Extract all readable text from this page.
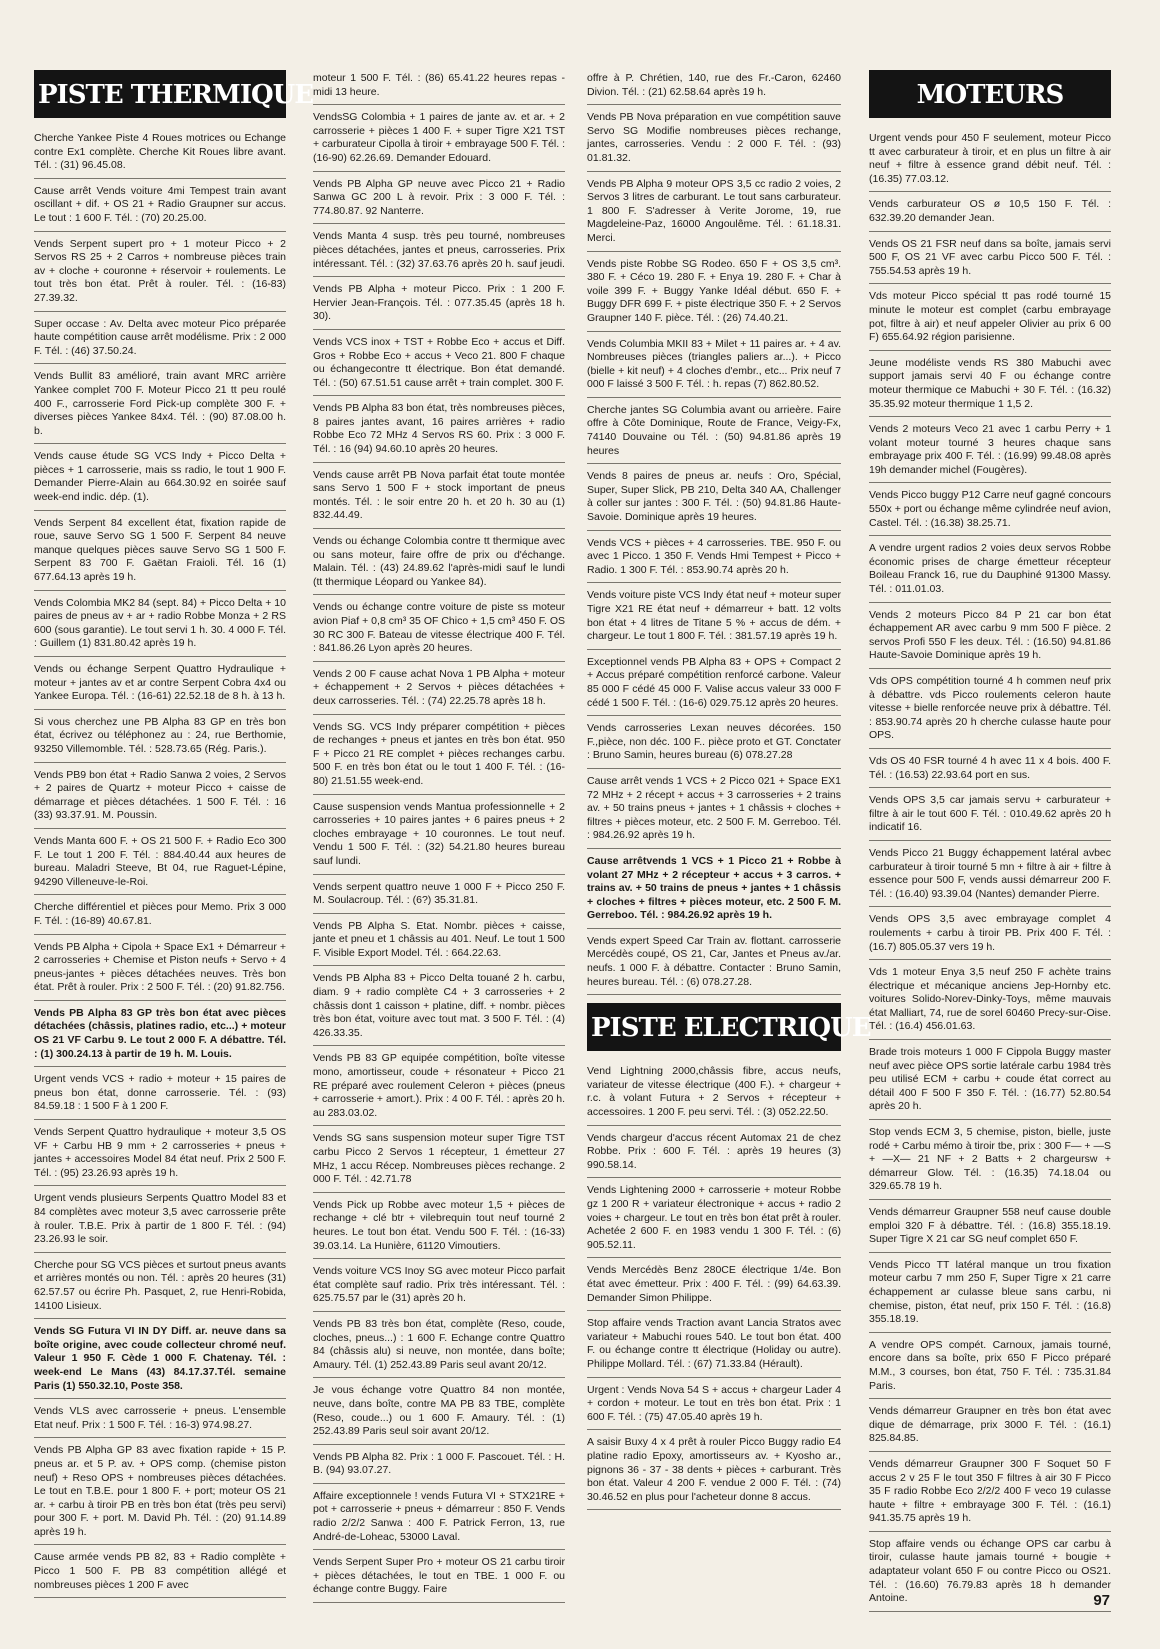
PISTE THERMIQUE
Cherche Yankee Piste 4 Roues motrices ou Echange contre Ex1 complète. Cherche Kit Roues libre avant. Tél. : (31) 96.45.08.
Cause arrêt Vends voiture 4mi Tempest train avant oscillant + dif. + OS 21 + Radio Graupner sur accus. Le tout : 1 600 F. Tél. : (70) 20.25.00.
Vends Serpent supert pro + 1 moteur Picco + 2 Servos RS 25 + 2 Carros + nombreuse pièces train av + cloche + couronne + réservoir + roulements. Le tout très bon état. Prêt à rouler. Tél. : (16-83) 27.39.32.
Super occase : Av. Delta avec moteur Pico préparée haute compétition cause arrêt modélisme. Prix : 2 000 F. Tél. : (46) 37.50.24.
Vends Bullit 83 amélioré, train avant MRC arrière Yankee complet 700 F. Moteur Picco 21 tt peu roulé 400 F., carrosserie Ford Pick-up complète 300 F. + diverses pièces Yankee 84x4. Tél. : (90) 87.08.00 h. b.
Vends cause étude SG VCS Indy + Picco Delta + pièces + 1 carrosserie, mais ss radio, le tout 1 900 F. Demander Pierre-Alain au 664.30.92 en soirée sauf week-end indic. dép. (1).
Vends Serpent 84 excellent état, fixation rapide de roue, sauve Servo SG 1 500 F. Serpent 84 neuve manque quelques pièces sauve Servo SG 1 500 F. Serpent 83 700 F. Gaëtan Fraioli. Tél. 16 (1) 677.64.13 après 19 h.
Vends Colombia MK2 84 (sept. 84) + Picco Delta + 10 paires de pneus av + ar + radio Robbe Monza + 2 RS 600 (sous garantie). Le tout servi 1 h. 30. 4 000 F. Tél. : Guillem (1) 831.80.42 après 19 h.
Vends ou échange Serpent Quattro Hydraulique + moteur + jantes av et ar contre Serpent Cobra 4x4 ou Yankee Europa. Tél. : (16-61) 22.52.18 de 8 h. à 13 h.
Si vous cherchez une PB Alpha 83 GP en très bon état, écrivez ou téléphonez au : 24, rue Berthomie, 93250 Villemomble. Tél. : 528.73.65 (Rég. Paris.).
Vends PB9 bon état + Radio Sanwa 2 voies, 2 Servos + 2 paires de Quartz + moteur Picco + caisse de démarrage et pièces détachées. 1 500 F. Tél. : 16 (33) 93.37.91. M. Poussin.
Vends Manta 600 F. + OS 21 500 F. + Radio Eco 300 F. Le tout 1 200 F. Tél. : 884.40.44 aux heures de bureau. Maladri Steeve, Bt 04, rue Raguet-Lépine, 94290 Villeneuve-le-Roi.
Cherche différentiel et pièces pour Memo. Prix 3 000 F. Tél. : (16-89) 40.67.81.
Vends PB Alpha + Cipola + Space Ex1 + Démarreur + 2 carrosseries + Chemise et Piston neufs + Servo + 4 pneus-jantes + pièces détachées neuves. Très bon état. Prêt à rouler. Prix : 2 500 F. Tél. : (20) 91.82.756.
Vends PB Alpha 83 GP très bon état avec pièces détachées (châssis, platines radio, etc...) + moteur OS 21 VF Carbu 9. Le tout 2 000 F. A débattre. Tél. : (1) 300.24.13 à partir de 19 h. M. Louis.
Urgent vends VCS + radio + moteur + 15 paires de pneus bon état, donne carrosserie. Tél. : (93) 84.59.18 : 1 500 F à 1 200 F.
Vends Serpent Quattro hydraulique + moteur 3,5 OS VF + Carbu HB 9 mm + 2 carrosseries + pneus + jantes + accessoires Model 84 état neuf. Prix 2 500 F. Tél. : (95) 23.26.93 après 19 h.
Urgent vends plusieurs Serpents Quattro Model 83 et 84 complètes avec moteur 3,5 avec carrosserie prête à rouler. T.B.E. Prix à partir de 1 800 F. Tél. : (94) 23.26.93 le soir.
Cherche pour SG VCS pièces et surtout pneus avants et arrières montés ou non. Tél. : après 20 heures (31) 62.57.57 ou écrire Ph. Pasquet, 2, rue Henri-Robida, 14100 Lisieux.
Vends SG Futura VI IN DY Diff. ar. neuve dans sa boîte origine, avec coude collecteur chromé neuf. Valeur 1 950 F. Cède 1 000 F. Chatenay. Tél. : week-end Le Mans (43) 84.17.37.Tél. semaine Paris (1) 550.32.10, Poste 358.
Vends VLS avec carrosserie + pneus. L'ensemble Etat neuf. Prix : 1 500 F. Tél. : 16-3) 974.98.27.
Vends PB Alpha GP 83 avec fixation rapide + 15 P. pneus ar. et 5 P. av. + OPS comp. (chemise piston neuf) + Reso OPS + nombreuses pièces détachées. Le tout en T.B.E. pour 1 800 F. + port; moteur OS 21 ar. + carbu à tiroir PB en très bon état (très peu servi) pour 300 F. + port. M. David Ph. Tél. : (20) 91.14.89 après 19 h.
Cause armée vends PB 82, 83 + Radio complète + Picco 1 500 F. PB 83 compétition allégé et nombreuses pièces 1 200 F avec
moteur 1 500 F. Tél. : (86) 65.41.22 heures repas - midi 13 heure.
VendsSG Colombia + 1 paires de jante av. et ar. + 2 carrosserie + pièces 1 400 F. + super Tigre X21 TST + carburateur Cipolla à tiroir + embrayage 500 F. Tél. : (16-90) 62.26.69. Demander Edouard.
Vends PB Alpha GP neuve avec Picco 21 + Radio Sanwa GC 200 L à revoir. Prix : 3 000 F. Tél. : 774.80.87. 92 Nanterre.
Vends Manta 4 susp. très peu tourné, nombreuses pièces détachées, jantes et pneus, carrosseries. Prix intéressant. Tél. : (32) 37.63.76 après 20 h. sauf jeudi.
Vends PB Alpha + moteur Picco. Prix : 1 200 F. Hervier Jean-François. Tél. : 077.35.45 (après 18 h. 30).
Vends VCS inox + TST + Robbe Eco + accus et Diff. Gros + Robbe Eco + accus + Veco 21. 800 F chaque ou échangecontre tt électrique. Bon état demandé. Tél. : (50) 67.51.51 cause arrêt + train complet. 300 F.
Vends PB Alpha 83 bon état, très nombreuses pièces, 8 paires jantes avant, 16 paires arrières + radio Robbe Eco 72 MHz 4 Servos RS 60. Prix : 3 000 F. Tél. : 16 (94) 94.60.10 après 20 heures.
Vends cause arrêt PB Nova parfait état toute montée sans Servo 1 500 F + stock important de pneus montés. Tél. : le soir entre 20 h. et 20 h. 30 au (1) 832.44.49.
Vends ou échange Colombia contre tt thermique avec ou sans moteur, faire offre de prix ou d'échange. Malain. Tél. : (43) 24.89.62 l'après-midi sauf le lundi (tt thermique Léopard ou Yankee 84).
Vends ou échange contre voiture de piste ss moteur avion Piaf + 0,8 cm³ 35 OF Chico + 1,5 cm³ 450 F. OS 30 RC 300 F. Bateau de vitesse électrique 400 F. Tél. : 841.86.26 Lyon après 20 heures.
Vends 2 00 F cause achat Nova 1 PB Alpha + moteur + échappement + 2 Servos + pièces détachées + deux carrosseries. Tél. : (74) 22.25.78 après 18 h.
Vends SG. VCS Indy préparer compétition + pièces de rechanges + pneus et jantes en très bon état. 950 F + Picco 21 RE complet + pièces rechanges carbu. 500 F. en très bon état ou le tout 1 400 F. Tél. : (16-80) 21.51.55 week-end.
Cause suspension vends Mantua professionnelle + 2 carrosseries + 10 paires jantes + 6 paires pneus + 2 cloches embrayage + 10 couronnes. Le tout neuf. Vendu 1 500 F. Tél. : (32) 54.21.80 heures bureau sauf lundi.
Vends serpent quattro neuve 1 000 F + Picco 250 F. M. Soulacroup. Tél. : (6?) 35.31.81.
Vends PB Alpha S. Etat. Nombr. pièces + caisse, jante et pneu et 1 châssis au 401. Neuf. Le tout 1 500 F. Visible Export Model. Tél. : 664.22.63.
Vends PB Alpha 83 + Picco Delta touané 2 h. carbu, diam. 9 + radio complète C4 + 3 carrosseries + 2 châssis dont 1 caisson + platine, diff. + nombr. pièces très bon état, voiture avec tout mat. 3 500 F. Tél. : (4) 426.33.35.
Vends PB 83 GP equipée compétition, boîte vitesse mono, amortisseur, coude + résonateur + Picco 21 RE préparé avec roulement Celeron + pièces (pneus + carrosserie + amort.). Prix : 4 00 F. Tél. : après 20 h. au 283.03.02.
Vends SG sans suspension moteur super Tigre TST carbu Picco 2 Servos 1 récepteur, 1 émetteur 27 MHz, 1 accu Récep. Nombreuses pièces rechange. 2 000 F. Tél. : 42.71.78
Vends Pick up Robbe avec moteur 1,5 + pièces de rechange + clé btr + vilebrequin tout neuf tourné 2 heures. Le tout bon état. Vendu 500 F. Tél. : (16-33) 39.03.14. La Hunière, 61120 Vimoutiers.
Vends voiture VCS Inoy SG avec moteur Picco parfait état complète sauf radio. Prix très intéressant. Tél. : 625.75.57 par le (31) après 20 h.
Vends PB 83 très bon état, complète (Reso, coude, cloches, pneus...) : 1 600 F. Echange contre Quattro 84 (châssis alu) si neuve, non montée, dans boîte; Amaury. Tél. (1) 252.43.89 Paris seul avant 20/12.
Je vous échange votre Quattro 84 non montée, neuve, dans boîte, contre MA PB 83 TBE, complète (Reso, coude...) ou 1 600 F. Amaury. Tél. : (1) 252.43.89 Paris seul soir avant 20/12.
Vends PB Alpha 82. Prix : 1 000 F. Pascouet. Tél. : H. B. (94) 93.07.27.
Affaire exceptionnele ! vends Futura VI + STX21RE + pot + carrosserie + pneus + démarreur : 850 F. Vends radio 2/2/2 Sanwa : 400 F. Patrick Ferron, 13, rue André-de-Loheac, 53000 Laval.
Vends Serpent Super Pro + moteur OS 21 carbu tiroir + pièces détachées, le tout en TBE. 1 000 F. ou échange contre Buggy. Faire
offre à P. Chrétien, 140, rue des Fr.-Caron, 62460 Divion. Tél. : (21) 62.58.64 après 19 h.
Vends PB Nova préparation en vue compétition sauve Servo SG Modifie nombreuses pièces rechange, jantes, carrosseries. Vendu : 2 000 F. Tél. : (93) 01.81.32.
Vends PB Alpha 9 moteur OPS 3,5 cc radio 2 voies, 2 Servos 3 litres de carburant. Le tout sans carburateur. 1 800 F. S'adresser à Verite Jorome, 19, rue Magdeleine-Paz, 16000 Angoulême. Tél. : 61.18.31. Merci.
Vends piste Robbe SG Rodeo. 650 F + OS 3,5 cm³. 380 F. + Céco 19. 280 F. + Enya 19. 280 F. + Char à voile 399 F. + Buggy Yanke Idéal début. 650 F. + Buggy DFR 699 F. + piste électrique 350 F. + 2 Servos Graupner 140 F. pièce. Tél. : (26) 74.40.21.
Vends Columbia MKII 83 + Milet + 11 paires ar. + 4 av. Nombreuses pièces (triangles paliers ar...). + Picco (bielle + kit neuf) + 4 cloches d'embr., etc... Prix neuf 7 000 F laissé 3 500 F. Tél. : h. repas (7) 862.80.52.
Cherche jantes SG Columbia avant ou arrieère. Faire offre à Côte Dominique, Route de France, Veigy-Fx, 74140 Douvaine ou Tél. : (50) 94.81.86 après 19 heures
Vends 8 paires de pneus ar. neufs : Oro, Spécial, Super, Super Slick, PB 210, Delta 340 AA, Challenger à coller sur jantes : 300 F. Tél. : (50) 94.81.86 Haute-Savoie. Dominique après 19 heures.
Vends VCS + pièces + 4 carrosseries. TBE. 950 F. ou avec 1 Picco. 1 350 F. Vends Hmi Tempest + Picco + Radio. 1 300 F. Tél. : 853.90.74 après 20 h.
Vends voiture piste VCS Indy état neuf + moteur super Tigre X21 RE état neuf + démarreur + batt. 12 volts bon état + 4 litres de Titane 5 % + accus de dém. + chargeur. Le tout 1 800 F. Tél. : 381.57.19 après 19 h.
Exceptionnel vends PB Alpha 83 + OPS + Compact 2 + Accus préparé compétition renforcé carbone. Valeur 85 000 F cédé 45 000 F. Valise accus valeur 33 000 F cédé 1 500 F. Tél. : (16-6) 029.75.12 après 20 heures.
Vends carrosseries Lexan neuves décorées. 150 F.,pièce, non déc. 100 F.. pièce proto et GT. Conctater : Bruno Samin, heures bureau (6) 078.27.28
Cause arrêt vends 1 VCS + 2 Picco 021 + Space EX1 72 MHz + 2 récept + accus + 3 carrosseries + 2 trains av. + 50 trains pneus + jantes + 1 châssis + cloches + filtres + pièces moteur, etc. 2 500 F. M. Gerreboo. Tél. : 984.26.92 après 19 h.
Cause arrêtvends 1 VCS + 1 Picco 21 + Robbe à volant 27 MHz + 2 récepteur + accus + 3 carros. + trains av. + 50 trains de pneus + jantes + 1 châssis + cloches + filtres + pièces moteur, etc. 2 500 F. M. Gerreboo. Tél. : 984.26.92 après 19 h.
Vends expert Speed Car Train av. flottant. carrosserie Mercédès coupé, OS 21, Car, Jantes et Pneus av./ar. neufs. 1 000 F. à débattre. Contacter : Bruno Samin, heures bureau. Tél. : (6) 078.27.28.
PISTE ELECTRIQUE
Vend Lightning 2000,châssis fibre, accus neufs, variateur de vitesse électrique (400 F.). + chargeur + r.c. à volant Futura + 2 Servos + récepteur + accessoires. 1 200 F. peu servi. Tél. : (3) 052.22.50.
Vends chargeur d'accus récent Automax 21 de chez Robbe. Prix : 600 F. Tél. : après 19 heures (3) 990.58.14.
Vends Lightening 2000 + carrosserie + moteur Robbe gz 1 200 R + variateur électronique + accus + radio 2 voies + chargeur. Le tout en très bon état prêt à rouler. Achetée 2 600 F. en 1983 vendu 1 300 F. Tél. : (6) 905.52.11.
Vends Mercédès Benz 280CE électrique 1/4e. Bon état avec émetteur. Prix : 400 F. Tél. : (99) 64.63.39. Demander Simon Philippe.
Stop affaire vends Traction avant Lancia Stratos avec variateur + Mabuchi roues 540. Le tout bon état. 400 F. ou échange contre tt électrique (Holiday ou autre). Philippe Mollard. Tél. : (67) 71.33.84 (Hérault).
Urgent : Vends Nova 54 S + accus + chargeur Lader 4 + cordon + moteur. Le tout en très bon état. Prix : 1 600 F. Tél. : (75) 47.05.40 après 19 h.
A saisir Buxy 4 x 4 prêt à rouler Picco Buggy radio E4 platine radio Epoxy, amortisseurs av. + Kyosho ar., pignons 36 - 37 - 38 dents + pièces + carburant. Très bon état. Valeur 4 200 F. vendue 2 000 F. Tél. : (74) 30.46.52 en plus pour l'acheteur donne 8 accus.
MOTEURS
Urgent vends pour 450 F seulement, moteur Picco tt avec carburateur à tiroir, et en plus un filtre à air neuf + filtre à essence grand débit neuf. Tél. : (16.35) 77.03.12.
Vends carburateur OS ø 10,5 150 F. Tél. : 632.39.20 demander Jean.
Vends OS 21 FSR neuf dans sa boîte, jamais servi 500 F, OS 21 VF avec carbu Picco 500 F. Tél. : 755.54.53 après 19 h.
Vds moteur Picco spécial tt pas rodé tourné 15 minute le moteur est complet (carbu embrayage pot, filtre à air) et neuf appeler Olivier au prix 6 00 F) 655.64.92 région parisienne.
Jeune modéliste vends RS 380 Mabuchi avec support jamais servi 40 F ou échange contre moteur thermique ce Mabuchi + 30 F. Tél. : (16.32) 35.35.92 moteur thermique 1 1,5 2.
Vends 2 moteurs Veco 21 avec 1 carbu Perry + 1 volant moteur tourné 3 heures chaque sans embrayage prix 400 F. Tél. : (16.99) 99.48.08 après 19h demander michel (Fougères).
Vends Picco buggy P12 Carre neuf gagné concours 550x + port ou échange même cylindrée neuf avion, Castel. Tél. : (16.38) 38.25.71.
A vendre urgent radios 2 voies deux servos Robbe économic prises de charge émetteur récepteur Boileau Franck 16, rue du Dauphiné 91300 Massy. Tél. : 011.01.03.
Vends 2 moteurs Picco 84 P 21 car bon état échappement AR avec carbu 9 mm 500 F pièce. 2 servos Profi 550 F les deux. Tél. : (16.50) 94.81.86 Haute-Savoie Dominique après 19 h.
Vds OPS compétition tourné 4 h commen neuf prix à débattre. vds Picco roulements celeron haute vitesse + bielle renforcée neuve prix à débattre. Tél. : 853.90.74 après 20 h cherche culasse haute pour OPS.
Vds OS 40 FSR tourné 4 h avec 11 x 4 bois. 400 F. Tél. : (16.53) 22.93.64 port en sus.
Vends OPS 3,5 car jamais servu + carburateur + filtre à air le tout 600 F. Tél. : 010.49.62 après 20 h indicatif 16.
Vends Picco 21 Buggy échappement latéral avbec carburateur à tiroir tourné 5 mn + filtre à air + filtre à essence pour 500 F, vends aussi démarreur 200 F. Tél. : (16.40) 93.39.04 (Nantes) demander Pierre.
Vends OPS 3,5 avec embrayage complet 4 roulements + carbu à tiroir PB. Prix 400 F. Tél. : (16.7) 805.05.37 vers 19 h.
Vds 1 moteur Enya 3,5 neuf 250 F achète trains électrique et mécanique anciens Jep-Hornby etc. voitures Solido-Norev-Dinky-Toys, même mauvais état Malliart, 74, rue de sorel 60460 Precy-sur-Oise. Tél. : (16.4) 456.01.63.
Brade trois moteurs 1 000 F Cippola Buggy master neuf avec pièce OPS sortie latérale carbu 1984 très peu utilisé ECM + carbu + coude état correct au détail 400 F 500 F 350 F. Tél. : (16.77) 52.80.54 après 20 h.
Stop vends ECM 3, 5 chemise, piston, bielle, juste rodé + Carbu mémo à tiroir tbe, prix : 300 F— + —S + —X— 21 NF + 2 Batts + 2 chargeursw + démarreur Glow. Tél. : (16.35) 74.18.04 ou 329.65.78 19 h.
Vends démarreur Graupner 558 neuf cause double emploi 320 F à débattre. Tél. : (16.8) 355.18.19. Super Tigre X 21 car SG neuf complet 650 F.
Vends Picco TT latéral manque un trou fixation moteur carbu 7 mm 250 F, Super Tigre x 21 carre échappement ar culasse bleue sans carbu, ni chemise, piston, état neuf, prix 150 F. Tél. : (16.8) 355.18.19.
A vendre OPS compét. Carnoux, jamais tourné, encore dans sa boîte, prix 650 F Picco préparé M.M., 3 courses, bon état, 750 F. Tél. : 735.31.84 Paris.
Vends démarreur Graupner en très bon état avec dique de démarrage, prix 3000 F. Tél. : (16.1) 825.84.85.
Vends démarreur Graupner 300 F Soquet 50 F accus 2 v 25 F le tout 350 F filtres à air 30 F Picco 35 F radio Robbe Eco 2/2/2 400 F veco 19 culasse haute + filtre + embrayage 300 F. Tél. : (16.1) 941.35.75 après 19 h.
Stop affaire vends ou échange OPS car carbu à tiroir, culasse haute jamais tourné + bougie + adaptateur volant 650 F ou contre Picco ou OS21. Tél. : (16.60) 76.79.83 après 18 h demander Antoine.	97
